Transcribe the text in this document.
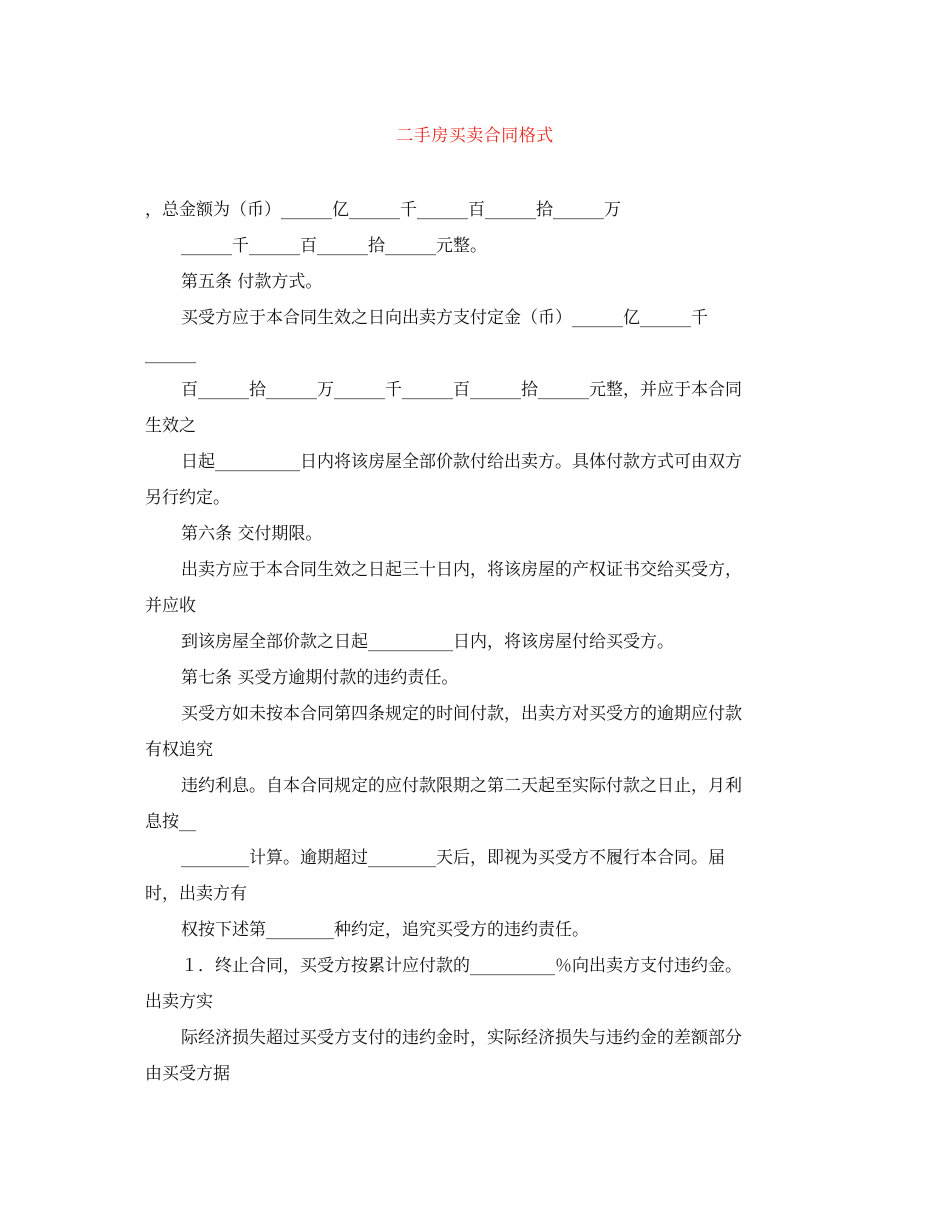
二手房买卖合同格式
，总金额为（币）______亿______千______百______拾______万
______千______百______拾______元整。
第五条 付款方式。
买受方应于本合同生效之日向出卖方支付定金（币）______亿______千
______
百______拾______万______千______百______拾______元整，并应于本合同
生效之
日起__________日内将该房屋全部价款付给出卖方。具体付款方式可由双方
另行约定。
第六条 交付期限。
出卖方应于本合同生效之日起三十日内，将该房屋的产权证书交给买受方，
并应收
到该房屋全部价款之日起__________日内，将该房屋付给买受方。
第七条 买受方逾期付款的违约责任。
买受方如未按本合同第四条规定的时间付款，出卖方对买受方的逾期应付款
有权追究
违约利息。自本合同规定的应付款限期之第二天起至实际付款之日止，月利
息按__
________计算。逾期超过________天后，即视为买受方不履行本合同。届
时，出卖方有
权按下述第________种约定，追究买受方的违约责任。
１．终止合同，买受方按累计应付款的__________％向出卖方支付违约金。
出卖方实
际经济损失超过买受方支付的违约金时，实际经济损失与违约金的差额部分
由买受方据
